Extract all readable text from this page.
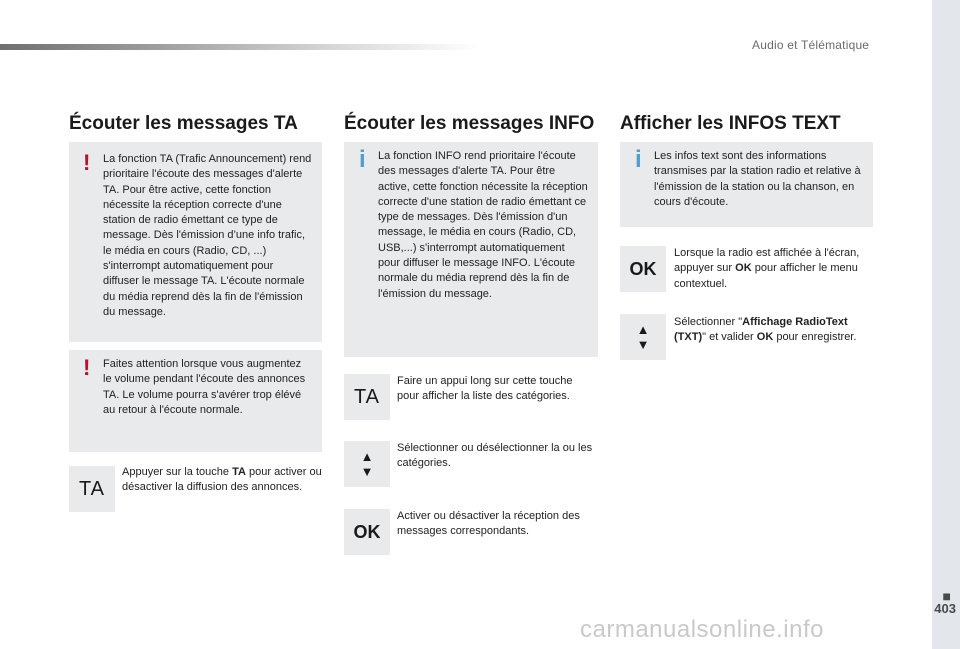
Audio et Télématique
■
403
carmanualsonline.info
Écouter les messages TA
! La fonction TA (Trafic Announcement) rend prioritaire l'écoute des messages d'alerte TA. Pour être active, cette fonction nécessite la réception correcte d'une station de radio émettant ce type de message. Dès l'émission d’une info trafic, le média en cours (Radio, CD, ...) s'interrompt automatiquement pour diffuser le message TA. L'écoute normale du média reprend dès la fin de l'émission du message.

! Faites attention lorsque vous augmentez le volume pendant l'écoute des annonces TA. Le volume pourra s'avérer trop élévé au retour à l'écoute normale.

TA
Appuyer sur la touche TA pour activer ou désactiver la diffusion des annonces.
Écouter les messages INFO
i La fonction INFO rend prioritaire l'écoute des messages d'alerte TA. Pour être active, cette fonction nécessite la réception correcte d'une station de radio émettant ce type de messages. Dès l'émission d'un message, le média en cours (Radio, CD, USB,...) s'interrompt automatiquement pour diffuser le message INFO. L'écoute normale du média reprend dès la fin de l'émission du message.

TA
Faire un appui long sur cette touche pour afficher la liste des catégories.
▲
▼
Sélectionner ou désélectionner la ou les catégories.
OK
Activer ou désactiver la réception des messages correspondants.
Afficher les INFOS TEXT
i Les infos text sont des informations transmises par la station radio et relative à l'émission de la station ou la chanson, en cours d'écoute.

OK
Lorsque la radio est affichée à l'écran, appuyer sur OK pour afficher le menu contextuel.
▲
▼
Sélectionner "Affichage RadioText (TXT)" et valider OK pour enregistrer.
